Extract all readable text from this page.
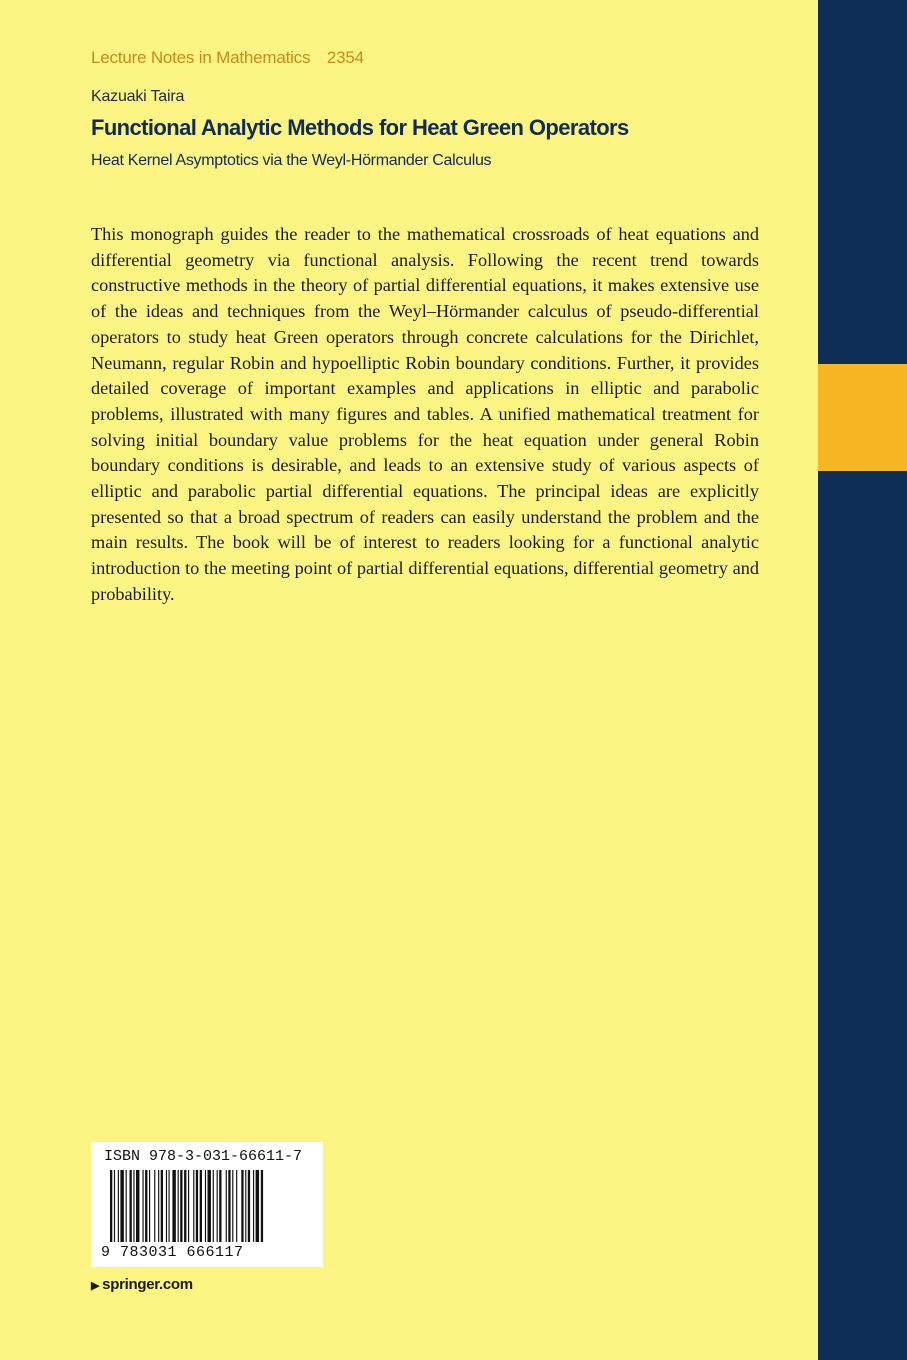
Lecture Notes in Mathematics 2354
Kazuaki Taira
Functional Analytic Methods for Heat Green Operators
Heat Kernel Asymptotics via the Weyl-Hörmander Calculus

This monograph guides the reader to the mathematical crossroads of heat equations and differential geometry via functional analysis. Following the recent trend towards constructive methods in the theory of partial differential equations, it makes extensive use of the ideas and techniques from the Weyl–Hörmander calculus of pseudo-differential operators to study heat Green operators through concrete calculations for the Dirichlet, Neumann, regular Robin and hypoelliptic Robin boundary conditions. Further, it provides detailed coverage of important examples and applications in elliptic and parabolic problems, illustrated with many figures and tables. A unified mathematical treatment for solving initial boundary value problems for the heat equation under general Robin boundary conditions is desirable, and leads to an extensive study of various aspects of elliptic and parabolic partial differential equations. The principal ideas are explicitly presented so that a broad spectrum of readers can easily understand the problem and the main results. The book will be of interest to readers looking for a functional analytic introduction to the meeting point of partial differential equations, differential geometry and probability.

ISBN 978-3-031-66611-7
9 783031 666117
▶ springer.com
